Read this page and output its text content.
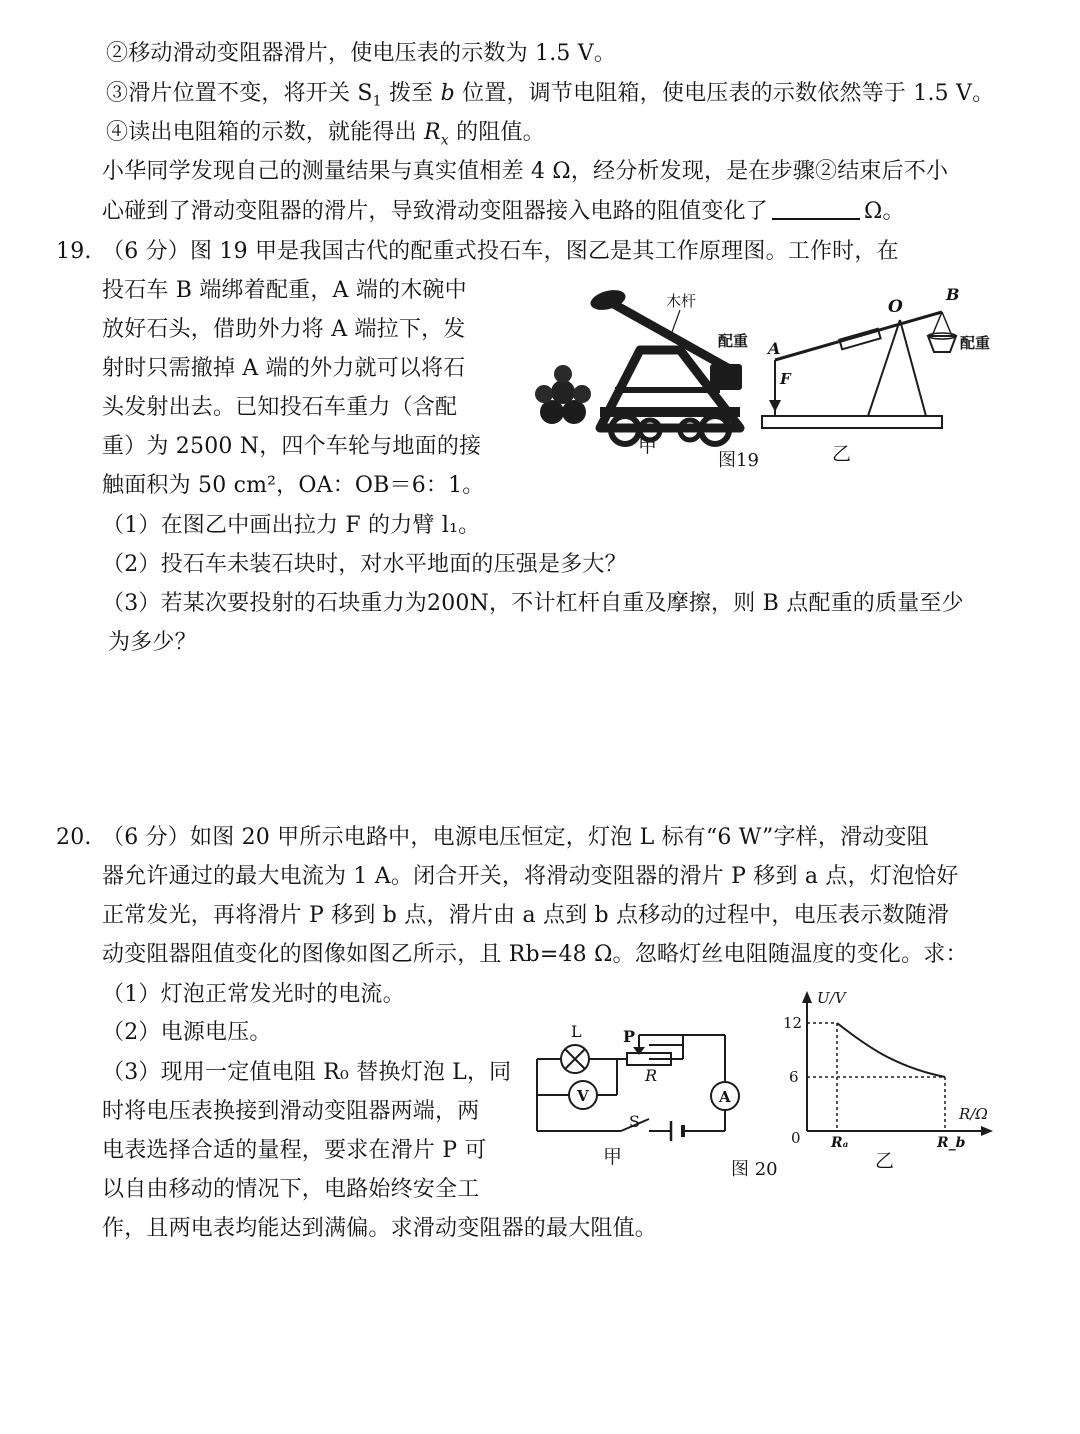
②移动滑动变阻器滑片，使电压表的示数为 1.5 V。
③滑片位置不变，将开关 $S_1$ 拨至 b 位置，调节电阻箱，使电压表的示数依然等于 1.5 V。
④读出电阻箱的示数，就能得出 $R_x$ 的阻值。
小华同学发现自己的测量结果与真实值相差 4 Ω，经分析发现，是在步骤②结束后不小
心碰到了滑动变阻器的滑片，导致滑动变阻器接入电路的阻值变化了	Ω。
19. （6 分）图 19 甲是我国古代的配重式投石车，图乙是其工作原理图。工作时，在
投石车 B 端绑着配重，A 端的木碗中
放好石头，借助外力将 A 端拉下，发
射时只需撤掉 A 端的外力就可以将石
头发射出去。已知投石车重力（含配
重）为 2500 N，四个车轮与地面的接
触面积为 50 cm²，OA：OB＝6：1。
（1）在图乙中画出拉力 F 的力臂 l₁。
（2）投石车未装石块时，对水平地面的压强是多大？
（3）若某次要投射的石块重力为200N，不计杠杆自重及摩擦，则 B 点配重的质量至少
为多少？
木杆
配重
甲
图19
O
B
A
F
配重
乙
20. （6 分）如图 20 甲所示电路中，电源电压恒定，灯泡 L 标有“6 W”字样，滑动变阻
器允许通过的最大电流为 1 A。闭合开关，将滑动变阻器的滑片 P 移到 a 点，灯泡恰好
正常发光，再将滑片 P 移到 b 点，滑片由 a 点到 b 点移动的过程中，电压表示数随滑
动变阻器阻值变化的图像如图乙所示，且 Rb=48 Ω。忽略灯丝电阻随温度的变化。求：
（1）灯泡正常发光时的电流。
（2）电源电压。
（3）现用一定值电阻 R₀ 替换灯泡 L，同
时将电压表换接到滑动变阻器两端，两
电表选择合适的量程，要求在滑片 P 可
以自由移动的情况下，电路始终安全工
作，且两电表均能达到满偏。求滑动变阻器的最大阻值。
L	P
R
V	A
S
甲
图 20
U/V
R/Ω
12
6
0 Rₐ	R_b
乙
